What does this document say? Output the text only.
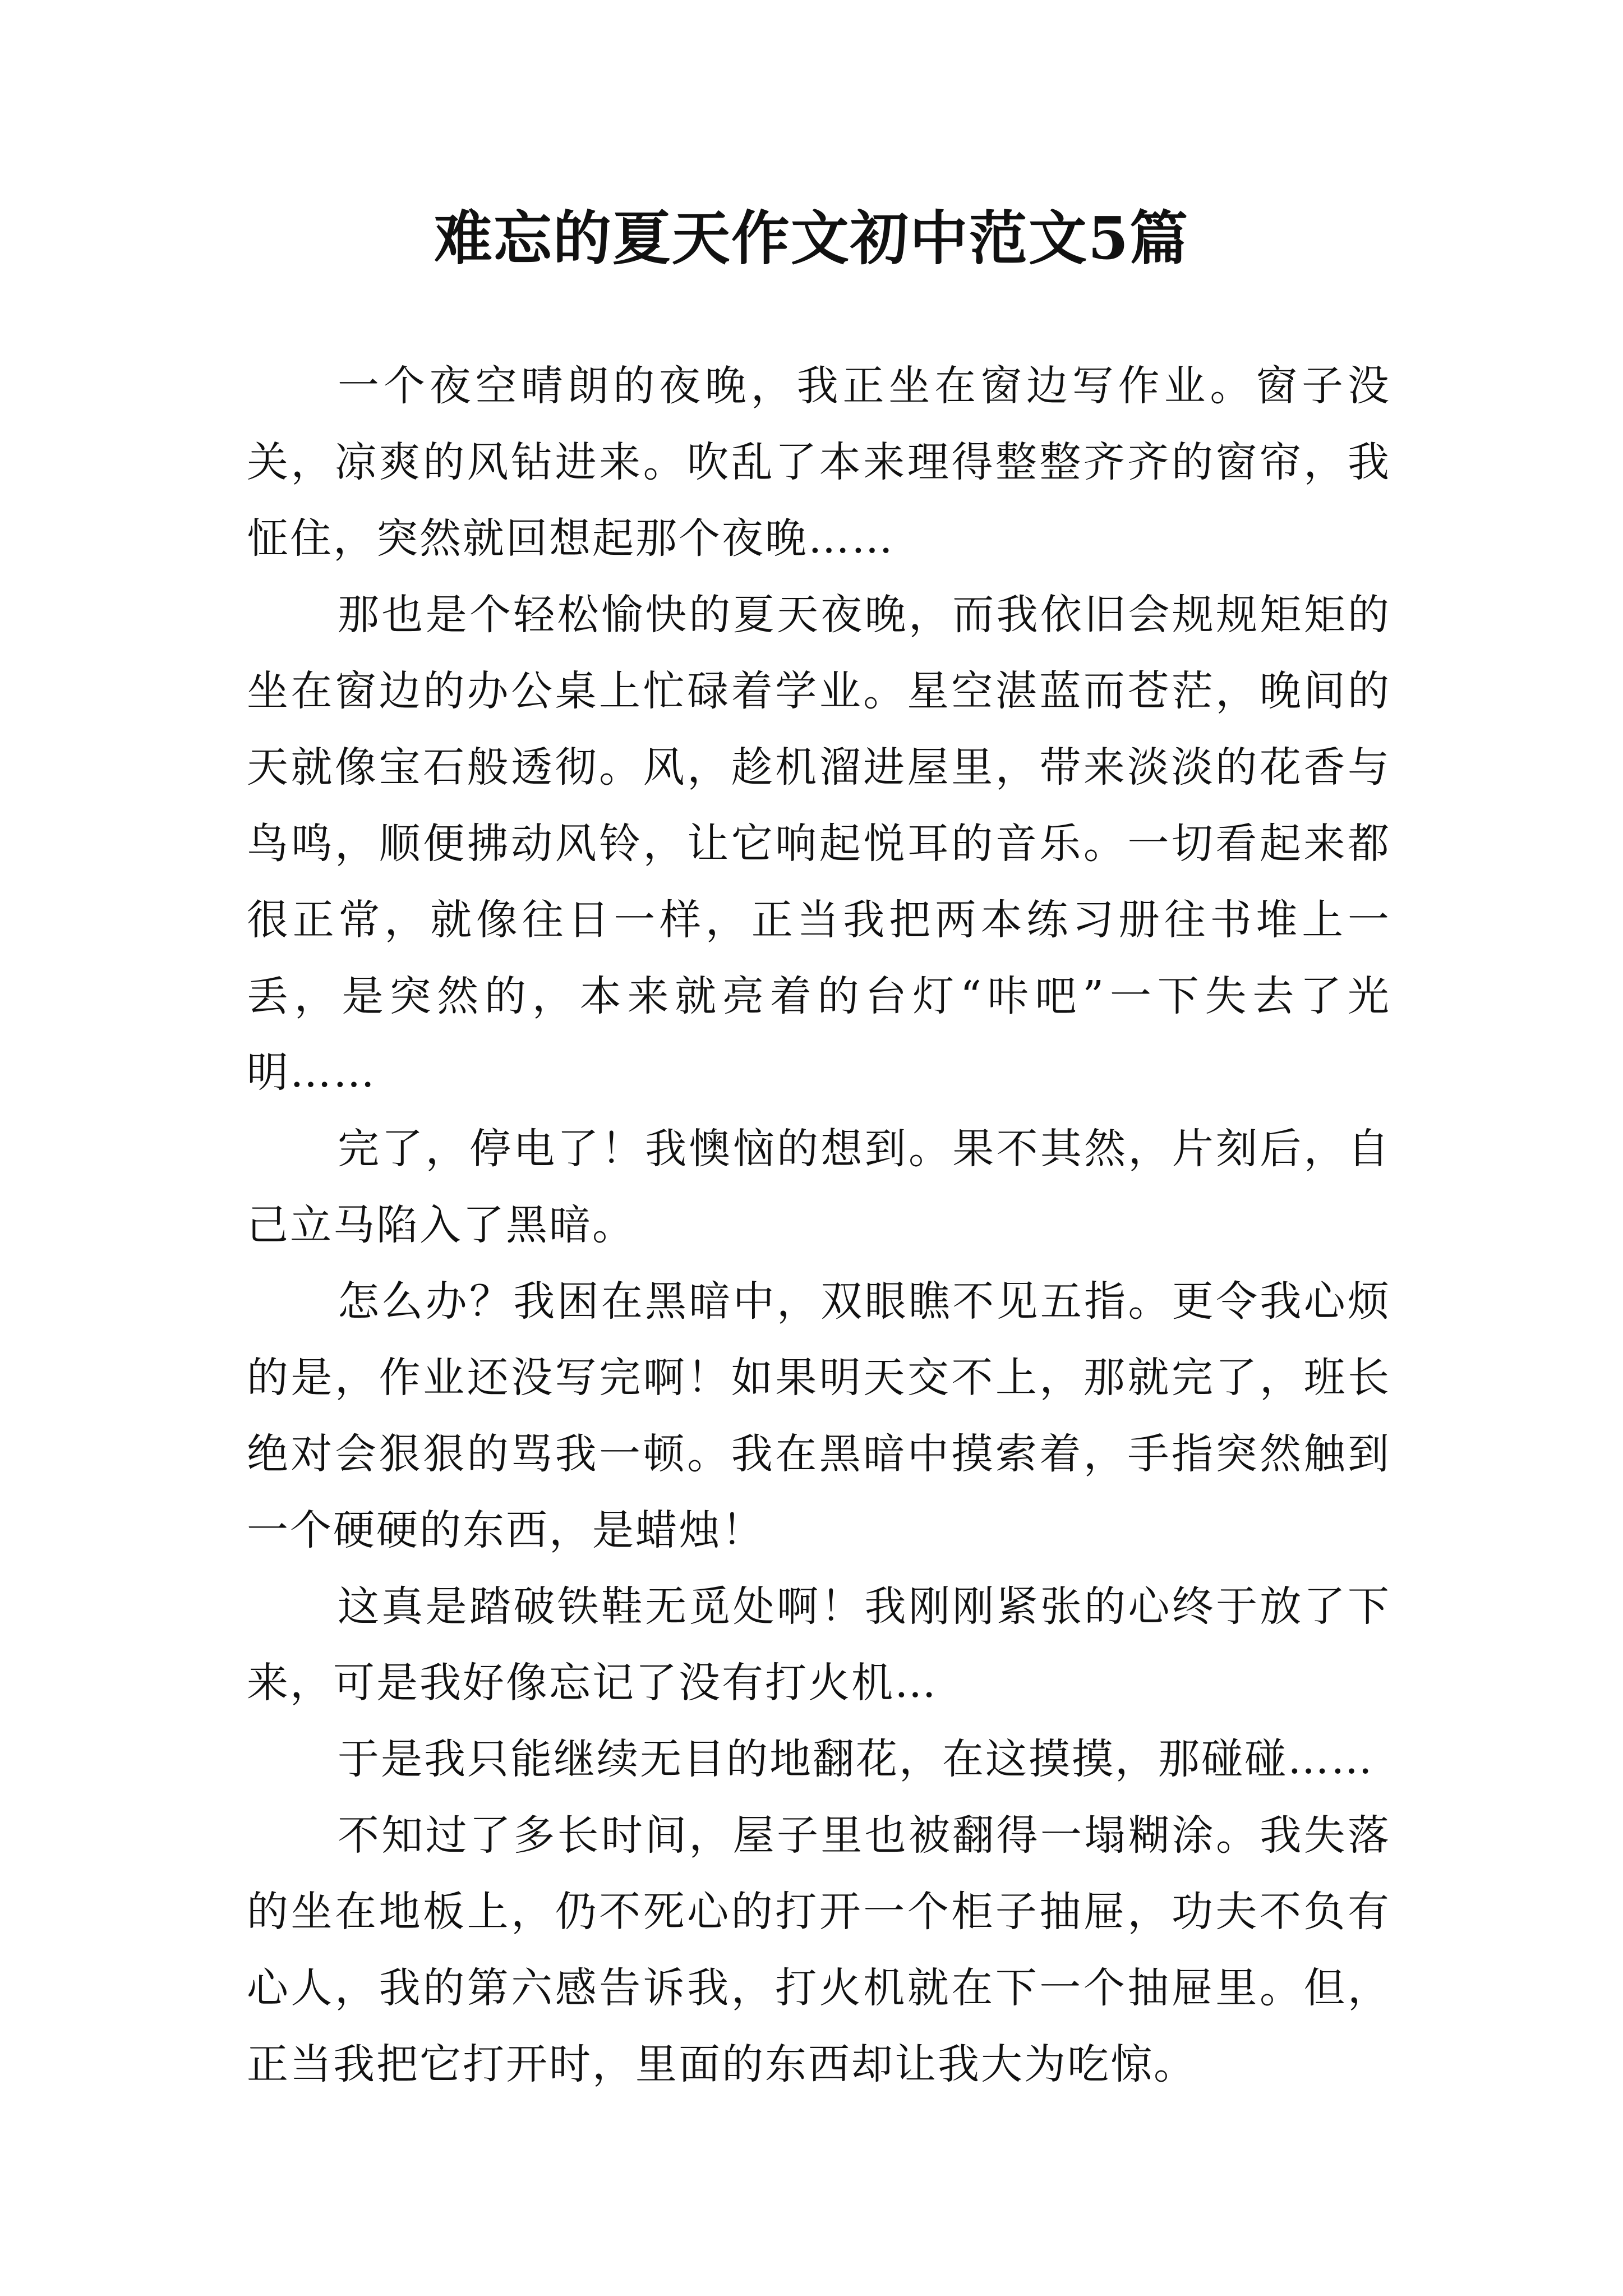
难忘的夏天作文初中范文5篇

一个夜空晴朗的夜晚，我正坐在窗边写作业。窗子没关，凉爽的风钻进来。吹乱了本来理得整整齐齐的窗帘，我怔住，突然就回想起那个夜晚……

那也是个轻松愉快的夏天夜晚，而我依旧会规规矩矩的坐在窗边的办公桌上忙碌着学业。星空湛蓝而苍茫，晚间的天就像宝石般透彻。风，趁机溜进屋里，带来淡淡的花香与鸟鸣，顺便拂动风铃，让它响起悦耳的音乐。一切看起来都很正常，就像往日一样，正当我把两本练习册往书堆上一丢，是突然的，本来就亮着的台灯“咔吧”一下失去了光明……

完了，停电了！我懊恼的想到。果不其然，片刻后，自己立马陷入了黑暗。

怎么办？我困在黑暗中，双眼瞧不见五指。更令我心烦的是，作业还没写完啊！如果明天交不上，那就完了，班长绝对会狠狠的骂我一顿。我在黑暗中摸索着，手指突然触到一个硬硬的东西，是蜡烛！

这真是踏破铁鞋无觅处啊！我刚刚紧张的心终于放了下来，可是我好像忘记了没有打火机…

于是我只能继续无目的地翻花，在这摸摸，那碰碰……

不知过了多长时间，屋子里也被翻得一塌糊涂。我失落的坐在地板上，仍不死心的打开一个柜子抽屉，功夫不负有心人，我的第六感告诉我，打火机就在下一个抽屉里。但，正当我把它打开时，里面的东西却让我大为吃惊。
